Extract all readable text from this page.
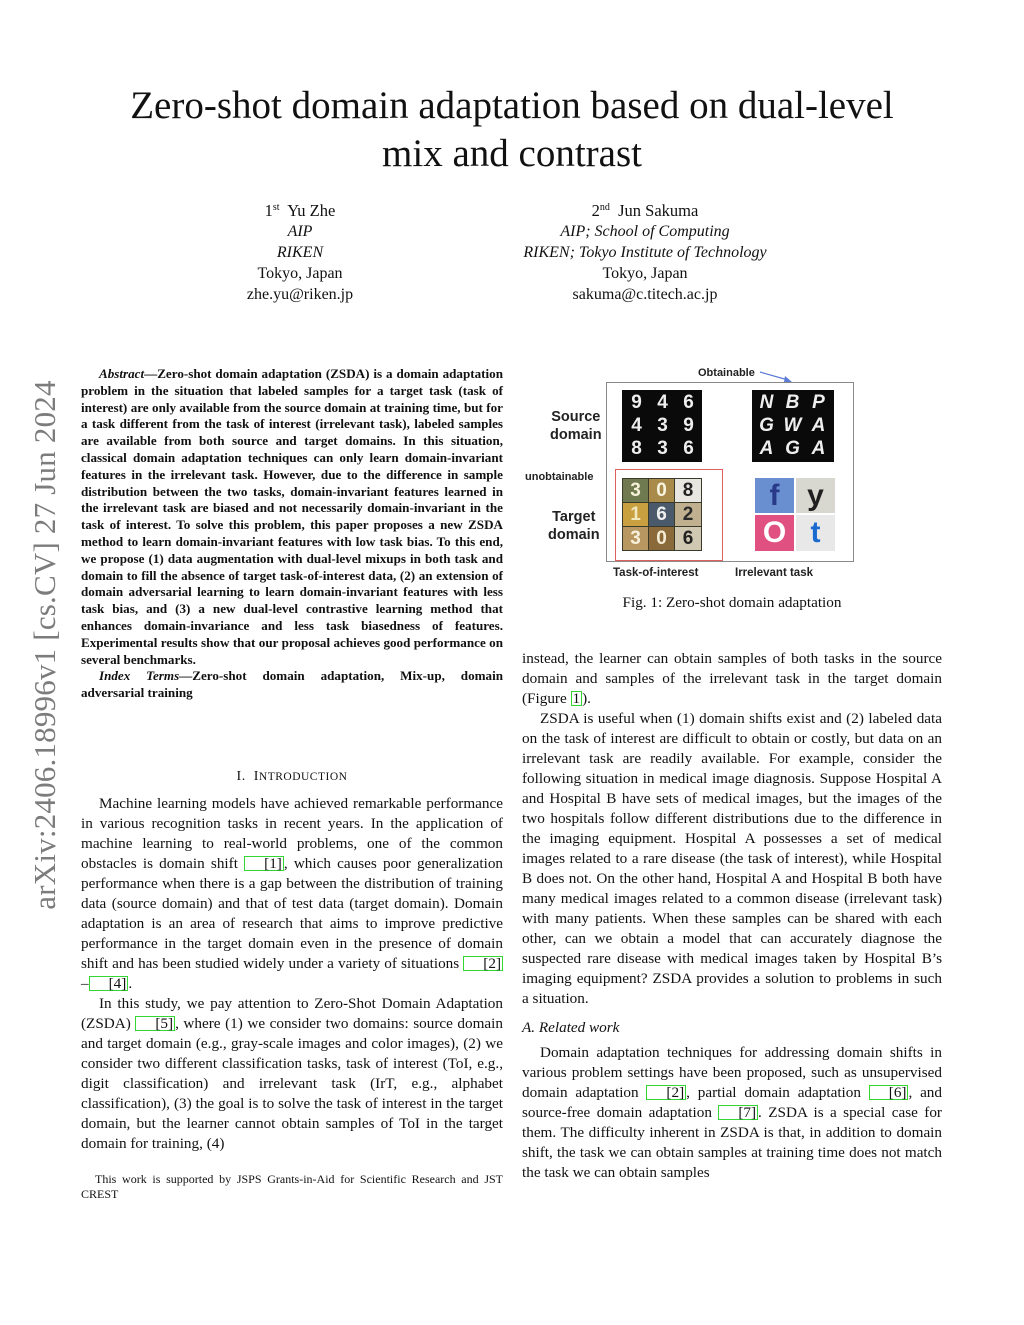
arXiv:2406.18996v1 [cs.CV] 27 Jun 2024
Zero-shot domain adaptation based on dual-level
mix and contrast
1st Yu Zhe
AIP
RIKEN
Tokyo, Japan
zhe.yu@riken.jp
2nd Jun Sakuma
AIP; School of Computing
RIKEN; Tokyo Institute of Technology
Tokyo, Japan
sakuma@c.titech.ac.jp

Abstract—Zero-shot domain adaptation (ZSDA) is a domain adaptation problem in the situation that labeled samples for a target task (task of interest) are only available from the source domain at training time, but for a task different from the task of interest (irrelevant task), labeled samples are available from both source and target domains. In this situation, classical domain adaptation techniques can only learn domain-invariant features in the irrelevant task. However, due to the difference in sample distribution between the two tasks, domain-invariant features learned in the irrelevant task are biased and not necessarily domain-invariant in the task of interest. To solve this problem, this paper proposes a new ZSDA method to learn domain-invariant features with low task bias. To this end, we propose (1) data augmentation with dual-level mixups in both task and domain to fill the absence of target task-of-interest data, (2) an extension of domain adversarial learning to learn domain-invariant features with less task bias, and (3) a new dual-level contrastive learning method that enhances domain-invariance and less task biasedness of features. Experimental results show that our proposal achieves good performance on several benchmarks.

Index Terms—Zero-shot domain adaptation, Mix-up, domain adversarial training

I. INTRODUCTION

Machine learning models have achieved remarkable performance in various recognition tasks in recent years. In the application of machine learning to real-world problems, one of the common obstacles is domain shift [1] , which causes poor generalization performance when there is a gap between the distribution of training data (source domain) and that of test data (target domain). Domain adaptation is an area of research that aims to improve predictive performance in the target domain even in the presence of domain shift and has been studied widely under a variety of situations [2]– [4] .

In this study, we pay attention to Zero-Shot Domain Adaptation (ZSDA) [5] , where (1) we consider two domains: source domain and target domain (e.g., gray-scale images and color images), (2) we consider two different classification tasks, task of interest (ToI, e.g., digit classification) and irrelevant task (IrT, e.g., alphabet classification), (3) the goal is to solve the task of interest in the target domain, but the learner cannot obtain samples of ToI in the target domain for training, (4)

This work is supported by JSPS Grants-in-Aid for Scientific Research and JST CREST

Obtainable
unobtainable
Source
domain
Target
domain
9 4 6
4 3 9
8 3 6
N B P
G W A
A G A
3 0 8
1 6 2
3 0 6
f y
O t
Task-of-interest	Irrelevant task
Fig. 1: Zero-shot domain adaptation

instead, the learner can obtain samples of both tasks in the source domain and samples of the irrelevant task in the target domain (Figure 1 ).

ZSDA is useful when (1) domain shifts exist and (2) labeled data on the task of interest are difficult to obtain or costly, but data on an irrelevant task are readily available. For example, consider the following situation in medical image diagnosis. Suppose Hospital A and Hospital B have sets of medical images, but the images of the two hospitals follow different distributions due to the difference in the imaging equipment. Hospital A possesses a set of medical images related to a rare disease (the task of interest), while Hospital B does not. On the other hand, Hospital A and Hospital B both have many medical images related to a common disease (irrelevant task) with many patients. When these samples can be shared with each other, can we obtain a model that can accurately diagnose the suspected rare disease with medical images taken by Hospital B’s imaging equipment? ZSDA provides a solution to problems in such a situation.

A. Related work

Domain adaptation techniques for addressing domain shifts in various problem settings have been proposed, such as unsupervised domain adaptation [2] , partial domain adaptation [6] , and source-free domain adaptation [7] . ZSDA is a special case for them. The difficulty inherent in ZSDA is that, in addition to domain shift, the task we can obtain samples at training time does not match the task we can obtain samples
